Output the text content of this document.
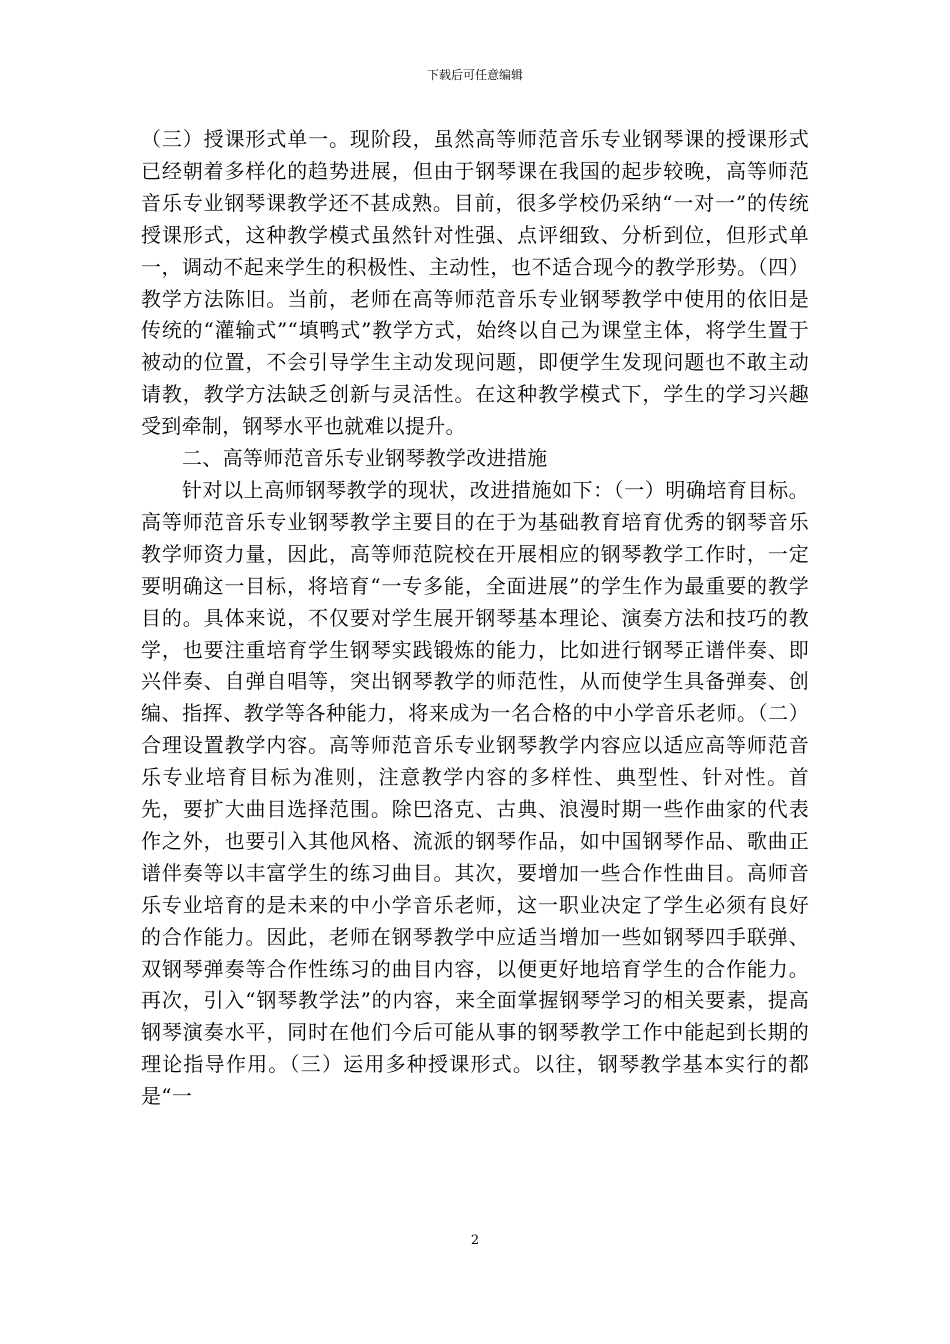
下载后可任意编辑

（三）授课形式单一。现阶段，虽然高等师范音乐专业钢琴课的授课形式已经朝着多样化的趋势进展，但由于钢琴课在我国的起步较晚，高等师范音乐专业钢琴课教学还不甚成熟。目前，很多学校仍采纳“一对一”的传统授课形式，这种教学模式虽然针对性强、点评细致、分析到位，但形式单一，调动不起来学生的积极性、主动性，也不适合现今的教学形势。（四）教学方法陈旧。当前，老师在高等师范音乐专业钢琴教学中使用的依旧是传统的“灌输式”“填鸭式”教学方式，始终以自己为课堂主体，将学生置于被动的位置，不会引导学生主动发现问题，即便学生发现问题也不敢主动请教，教学方法缺乏创新与灵活性。在这种教学模式下，学生的学习兴趣受到牵制，钢琴水平也就难以提升。

二、高等师范音乐专业钢琴教学改进措施

针对以上高师钢琴教学的现状，改进措施如下：（一）明确培育目标。高等师范音乐专业钢琴教学主要目的在于为基础教育培育优秀的钢琴音乐教学师资力量，因此，高等师范院校在开展相应的钢琴教学工作时，一定要明确这一目标，将培育“一专多能，全面进展”的学生作为最重要的教学目的。具体来说，不仅要对学生展开钢琴基本理论、演奏方法和技巧的教学，也要注重培育学生钢琴实践锻炼的能力，比如进行钢琴正谱伴奏、即兴伴奏、自弹自唱等，突出钢琴教学的师范性，从而使学生具备弹奏、创编、指挥、教学等各种能力，将来成为一名合格的中小学音乐老师。（二）合理设置教学内容。高等师范音乐专业钢琴教学内容应以适应高等师范音乐专业培育目标为准则，注意教学内容的多样性、典型性、针对性。首先，要扩大曲目选择范围。除巴洛克、古典、浪漫时期一些作曲家的代表作之外，也要引入其他风格、流派的钢琴作品，如中国钢琴作品、歌曲正谱伴奏等以丰富学生的练习曲目。其次，要增加一些合作性曲目。高师音乐专业培育的是未来的中小学音乐老师，这一职业决定了学生必须有良好的合作能力。因此，老师在钢琴教学中应适当增加一些如钢琴四手联弹、双钢琴弹奏等合作性练习的曲目内容，以便更好地培育学生的合作能力。再次，引入“钢琴教学法”的内容，来全面掌握钢琴学习的相关要素，提高钢琴演奏水平，同时在他们今后可能从事的钢琴教学工作中能起到长期的理论指导作用。（三）运用多种授课形式。以往，钢琴教学基本实行的都是“一

2
